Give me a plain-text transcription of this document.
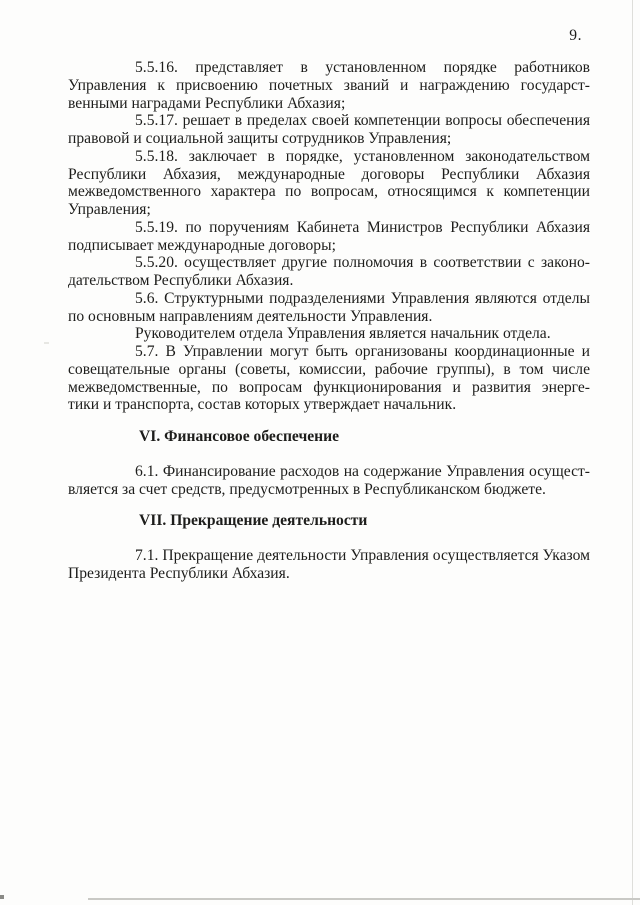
9.
5.5.16. представляет в установленном порядке работников
Управления к присвоению почетных званий и награждению государст-
венными наградами Республики Абхазия;
5.5.17. решает в пределах своей компетенции вопросы обеспечения
правовой и социальной защиты сотрудников Управления;
5.5.18. заключает в порядке, установленном законодательством
Республики Абхазия, международные договоры Республики Абхазия
межведомственного характера по вопросам, относящимся к компетенции
Управления;
5.5.19. по поручениям Кабинета Министров Республики Абхазия
подписывает международные договоры;
5.5.20. осуществляет другие полномочия в соответствии с законо-
дательством Республики Абхазия.
5.6. Структурными подразделениями Управления являются отделы
по основным направлениям деятельности Управления.
Руководителем отдела Управления является начальник отдела.
5.7. В Управлении могут быть организованы координационные и
совещательные органы (советы, комиссии, рабочие группы), в том числе
межведомственные, по вопросам функционирования и развития энерге-
тики и транспорта, состав которых утверждает начальник.
VI. Финансовое обеспечение
6.1. Финансирование расходов на содержание Управления осущест-
вляется за счет средств, предусмотренных в Республиканском бюджете.
VII. Прекращение деятельности
7.1. Прекращение деятельности Управления осуществляется Указом
Президента Республики Абхазия.
